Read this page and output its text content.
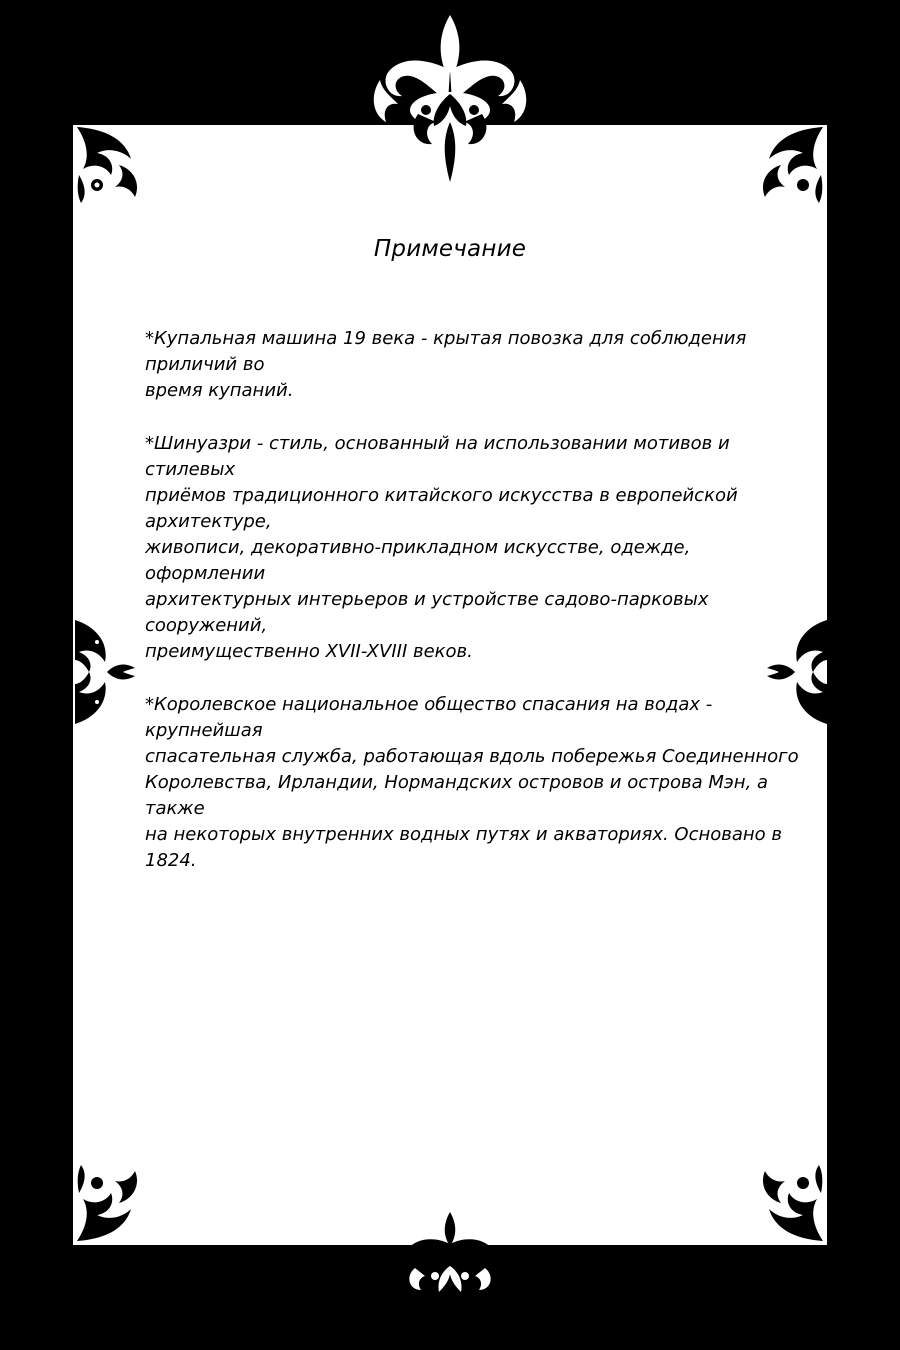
Примечание

*Купальная машина 19 века - крытая повозка для соблюдения приличий во
время купаний.

*Шинуазри - стиль, основанный на использовании мотивов и стилевых
приёмов традиционного китайского искусства в европейской архитектуре,
живописи, декоративно-прикладном искусстве, одежде, оформлении
архитектурных интерьеров и устройстве садово-парковых сооружений,
преимущественно XVII-XVIII веков.

*Королевское национальное общество спасания на водах - крупнейшая
спасательная служба, работающая вдоль побережья Соединенного
Королевства, Ирландии, Нормандских островов и острова Мэн, а также
на некоторых внутренних водных путях и акваториях. Основано в 1824.
